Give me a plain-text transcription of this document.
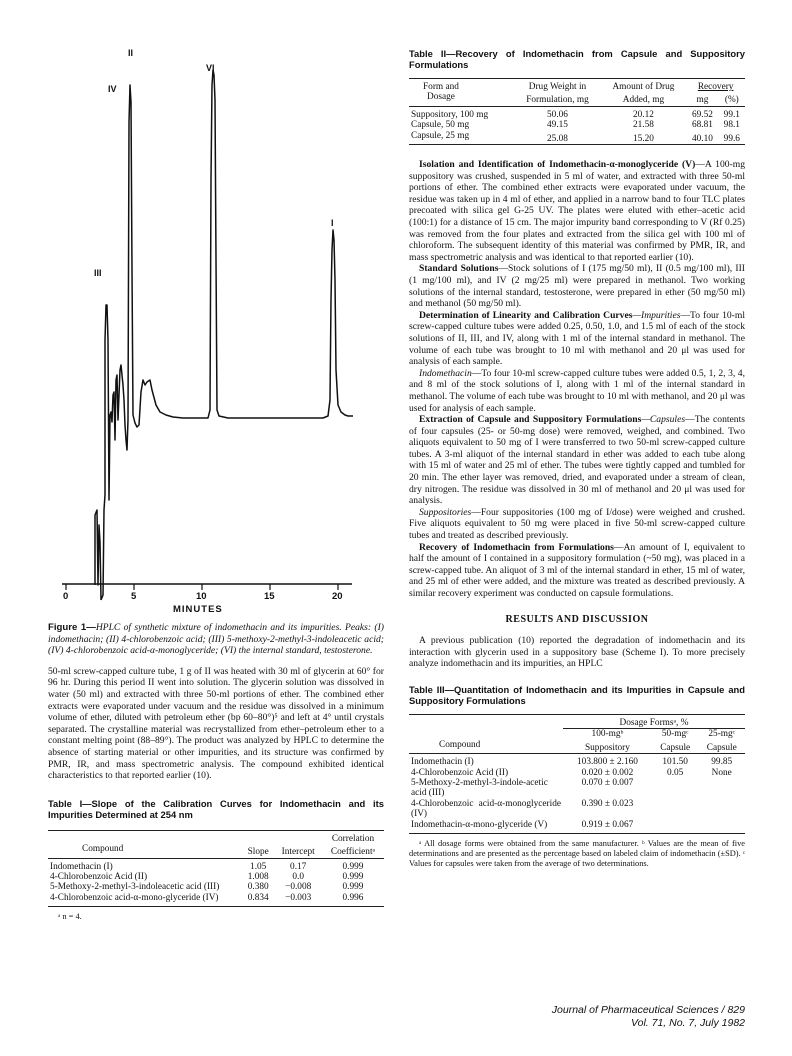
II
IV
VI
III
I
0	5	10	15	20
MINUTES

Figure 1—HPLC of synthetic mixture of indomethacin and its impurities. Peaks: (I) indomethacin; (II) 4-chlorobenzoic acid; (III) 5-methoxy-2-methyl-3-indoleacetic acid; (IV) 4-chlorobenzoic acid-α-monoglyceride; (VI) the internal standard, testosterone.

50-ml screw-capped culture tube, 1 g of II was heated with 30 ml of glycerin at 60° for 96 hr. During this period II went into solution. The glycerin solution was dissolved in water (50 ml) and extracted with three 50-ml portions of ether. The combined ether extracts were evaporated under vacuum and the residue was dissolved in a minimum volume of ether, diluted with petroleum ether (bp 60–80°)⁵ and left at 4° until crystals separated. The crystalline material was recrystallized from ether–petroleum ether to a constant melting point (88–89°). The product was analyzed by HPLC to determine the absence of starting material or other impurities, and its structure was confirmed by PMR, IR, and mass spectrometric analysis. The compound exhibited identical characteristics to that reported earlier (10).

Table I—Slope of the Calibration Curves for Indomethacin and its Impurities Determined at 254 nm
			Correlation
Compound	Slope	Intercept	Coefficientᵃ
Indomethacin (I)	1.05	0.17	0.999
4-Chlorobenzoic Acid (II)	1.008	0.0	0.999
5-Methoxy-2-methyl-3-indoleacetic acid (III)	0.380	−0.008	0.999
4-Chlorobenzoic acid-α-mono-glyceride (IV)	0.834	−0.003	0.996
ᵃ n = 4.
Table II—Recovery of Indomethacin from Capsule and Suppository Formulations
Form and	Drug Weight in	Amount of Drug	Recovery	
Dosage	Formulation, mg	Added, mg	mg	(%)
Suppository, 100 mg	50.06	20.12	69.52	99.1
Capsule, 50 mg	49.15	21.58	68.81	98.1
Capsule, 25 mg	25.08	15.20	40.10	99.6

Isolation and Identification of Indomethacin-α-monoglyceride (V)—A 100-mg suppository was crushed, suspended in 5 ml of water, and extracted with three 50-ml portions of ether. The combined ether extracts were evaporated under vacuum, the residue was taken up in 4 ml of ether, and applied in a narrow band to four TLC plates precoated with silica gel G-25 UV. The plates were eluted with ether–acetic acid (100:1) for a distance of 15 cm. The major impurity band corresponding to V (Rf 0.25) was removed from the four plates and extracted from the silica gel with 100 ml of chloroform. The subsequent identity of this material was confirmed by PMR, IR, and mass spectrometric analysis and was identical to that reported earlier (10).

Standard Solutions—Stock solutions of I (175 mg/50 ml), II (0.5 mg/100 ml), III (1 mg/100 ml), and IV (2 mg/25 ml) were prepared in methanol. Two working solutions of the internal standard, testosterone, were prepared in ether (50 mg/50 ml) and methanol (50 mg/50 ml).

Determination of Linearity and Calibration Curves—Impurities—To four 10-ml screw-capped culture tubes were added 0.25, 0.50, 1.0, and 1.5 ml of each of the stock solutions of II, III, and IV, along with 1 ml of the internal standard in methanol. The volume of each tube was brought to 10 ml with methanol and 20 μl was used for analysis of each sample.

Indomethacin—To four 10-ml screw-capped culture tubes were added 0.5, 1, 2, 3, 4, and 8 ml of the stock solutions of I, along with 1 ml of the internal standard in methanol. The volume of each tube was brought to 10 ml with methanol, and 20 μl was used for analysis of each sample.

Extraction of Capsule and Suppository Formulations—Capsules—The contents of four capsules (25- or 50-mg dose) were removed, weighed, and combined. Two aliquots equivalent to 50 mg of I were transferred to two 50-ml screw-capped culture tubes. A 3-ml aliquot of the internal standard in ether was added to each tube along with 15 ml of water and 25 ml of ether. The tubes were tightly capped and tumbled for 20 min. The ether layer was removed, dried, and evaporated under a stream of clean, dry nitrogen. The residue was dissolved in 30 ml of methanol and 20 μl was used for analysis.

Suppositories—Four suppositories (100 mg of I/dose) were weighed and crushed. Five aliquots equivalent to 50 mg were placed in five 50-ml screw-capped culture tubes and treated as described previously.

Recovery of Indomethacin from Formulations—An amount of I, equivalent to half the amount of I contained in a suppository formulation (~50 mg), was placed in a screw-capped tube. An aliquot of 3 ml of the internal standard in ether, 15 ml of water, and 25 ml of ether were added, and the mixture was treated as described previously. A similar recovery experiment was conducted on capsule formulations.

RESULTS AND DISCUSSION

A previous publication (10) reported the degradation of indomethacin and its interaction with glycerin used in a suppository base (Scheme I). To more precisely analyze indomethacin and its impurities, an HPLC

Table III—Quantitation of Indomethacin and its Impurities in Capsule and Suppository Formulations
	Dosage Formsᵃ, %		
	100-mgᵇ	50-mgᶜ	25-mgᶜ
Compound	Suppository	Capsule	Capsule
Indomethacin (I)	103.800 ± 2.160	101.50	99.85
4-Chlorobenzoic Acid (II)	0.020 ± 0.002	0.05	None
5-Methoxy-2-methyl-3-indole-acetic acid (III)	0.070 ± 0.007		
4-Chlorobenzoic acid-α-monoglyceride (IV)	0.390 ± 0.023		
Indomethacin-α-mono-glyceride (V)	0.919 ± 0.067		
ᵃ All dosage forms were obtained from the same manufacturer. ᵇ Values are the mean of five determinations and are presented as the percentage based on labeled claim of indomethacin (±SD). ᶜ Values for capsules were taken from the average of two determinations.
Journal of Pharmaceutical Sciences / 829
Vol. 71, No. 7, July 1982
